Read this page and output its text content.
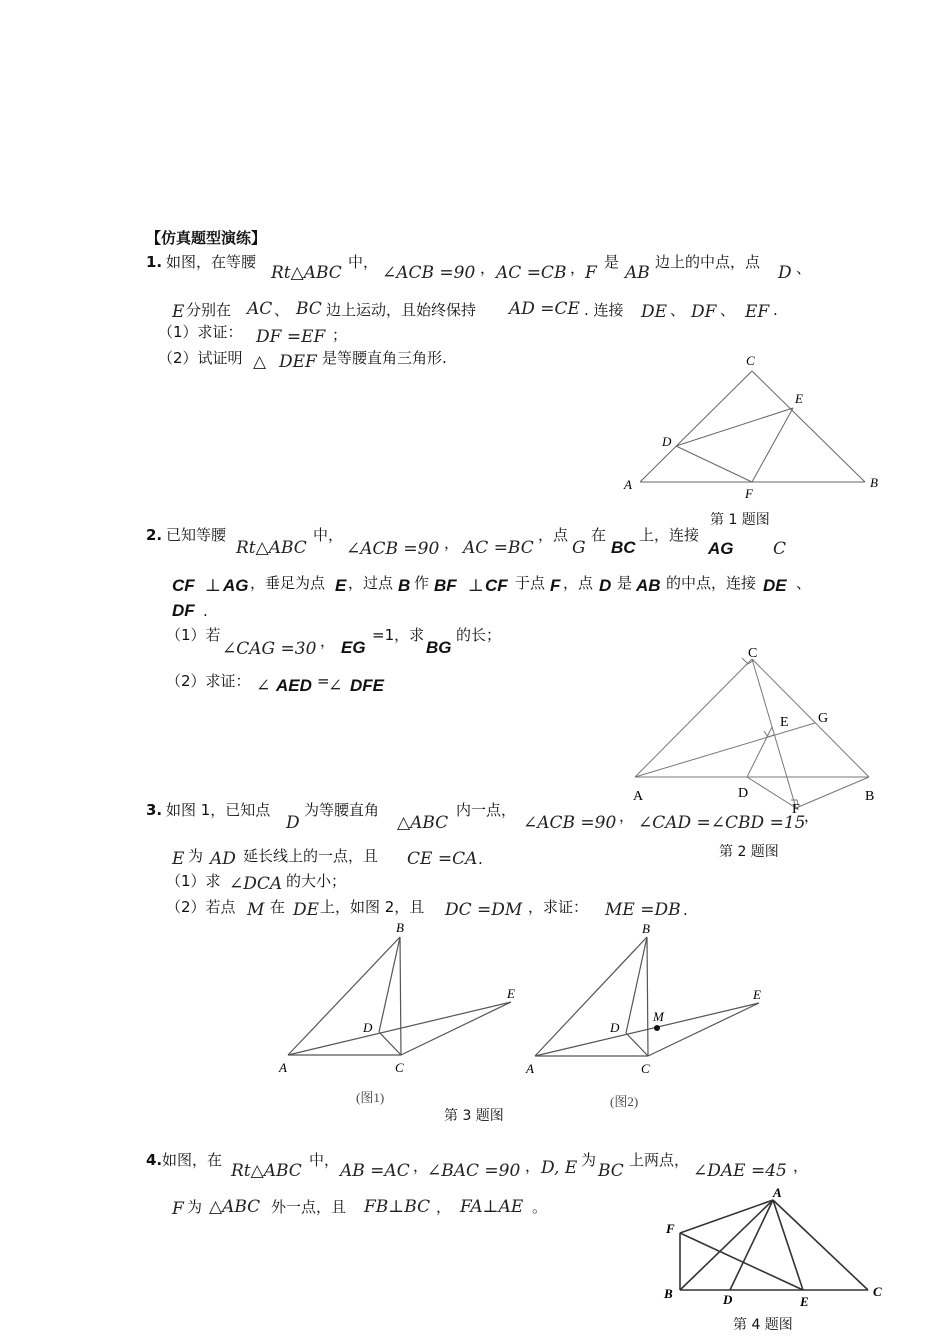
【仿真题型演练】
1. 如图，在等腰
Rt△ABC
中，
∠ACB =90 ， AC =CB ， F
是
AB
边上的中点，点
D 、
E 分别在 AC 、 BC 边上运动，且始终保持 AD =CE . 连接 DE 、 DF 、 EF .
（1）求证： DF =EF ；
（2）试证明 △ DEF 是等腰直角三角形.	C
E
D
A
F
B
第 1 题图
2. 已知等腰
Rt△ABC
中，
∠ACB =90 ， AC =BC
，点
G
在
BC
上，连接
AG C
CF ⊥ AG ，垂足为点 E ，过点 B 作 BF ⊥ CF 于点 F ，点 D 是 AB 的中点，连接 DE 、
DF .
（1）若
∠CAG =30 ， EG
=1，求
BG
的长；
（2）求证： ∠ AED =
∠ DFE
C
E G
A	D	B
F
3. 如图 1，已知点
D
为等腰直角
△ABC
内一点，
∠ACB =90 ， ∠CAD =∠CBD =15
，
E 为 AD 延长线上的一点，且 CE =CA .
（1）求 ∠DCA 的大小；
（2）若点 M 在 DE 上，如图 2，且 DC =DM ，求证： ME =DB .
B
D
E
A	C
(图1)
B
D
M
E
A	C
(图2)
第 3 题图
第 2 题图
4. 如图，在
Rt△ABC
中，
AB =AC ，
∠BAC =90 ， D, E 为
BC
上两点，
∠DAE =45 ，
F 为 △ABC 外一点，且 FB⊥BC ， FA⊥AE 。
A
F
B	D	E
C
第 4 题图
